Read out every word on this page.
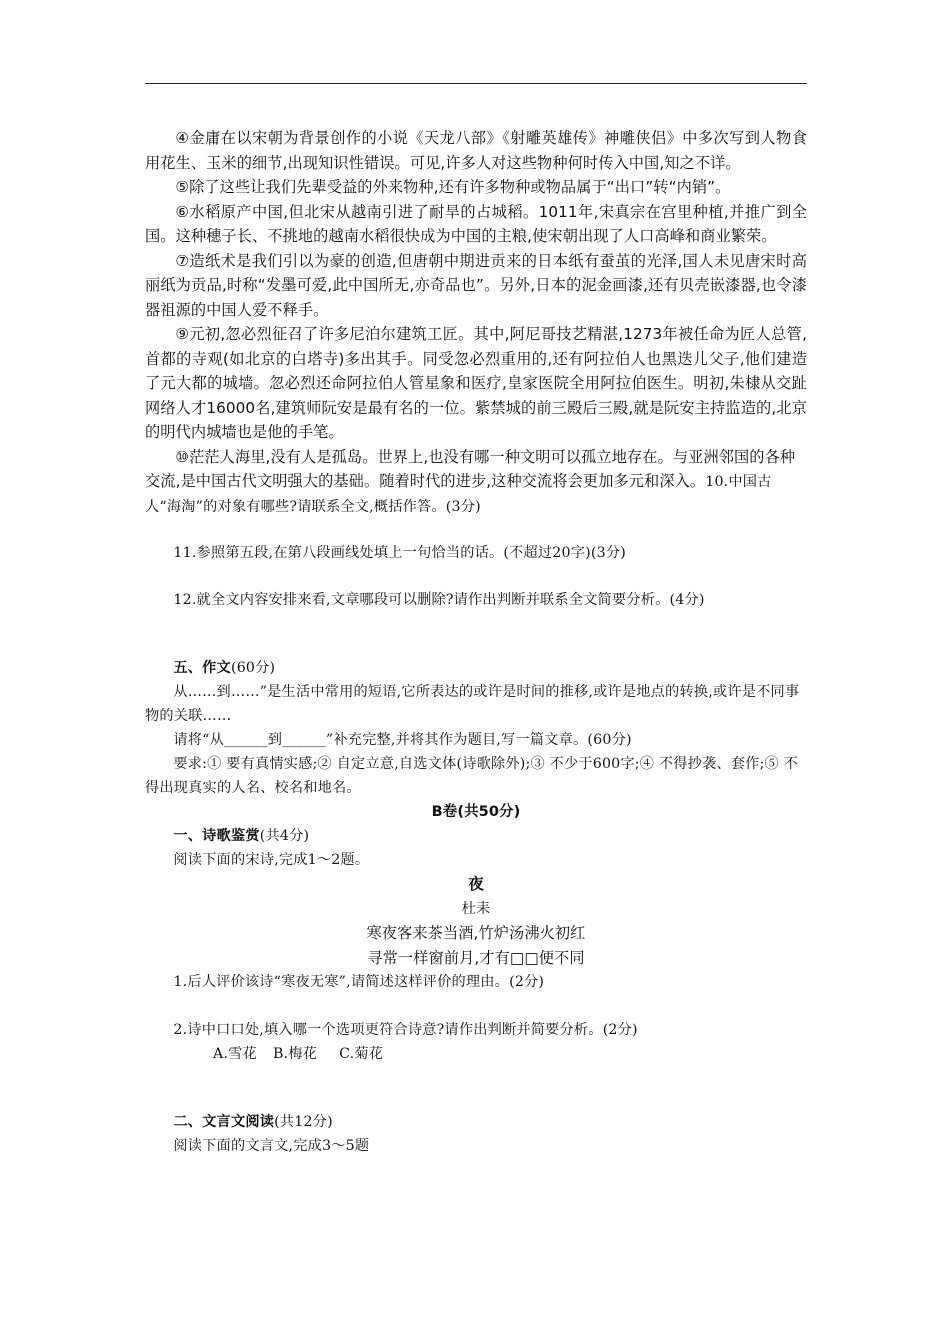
④金庸在以宋朝为背景创作的小说《天龙八部》《射雕英雄传》神雕侠侣》中多次写到人物食用花生、玉米的细节,出现知识性错误。可见,许多人对这些物种何时传入中国,知之不详。

⑤除了这些让我们先辈受益的外来物种,还有许多物种或物品属于“出口”转“内销”。

⑥水稻原产中国,但北宋从越南引进了耐旱的占城稻。1011年,宋真宗在宫里种植,并推广到全国。这种穗子长、不挑地的越南水稻很快成为中国的主粮,使宋朝出现了人口高峰和商业繁荣。

⑦造纸术是我们引以为豪的创造,但唐朝中期进贡来的日本纸有蚕茧的光泽,国人未见唐宋时高丽纸为贡品,时称“发墨可爱,此中国所无,亦奇品也”。另外,日本的泥金画漆,还有贝壳嵌漆器,也令漆器祖源的中国人爱不释手。

⑨元初,忽必烈征召了许多尼泊尔建筑工匠。其中,阿尼哥技艺精湛,1273年被任命为匠人总管,首都的寺观(如北京的白塔寺)多出其手。同受忽必烈重用的,还有阿拉伯人也黑迭儿父子,他们建造了元大都的城墙。忽必烈还命阿拉伯人管星象和医疗,皇家医院全用阿拉伯医生。明初,朱棣从交趾网络人才16000名,建筑师阮安是最有名的一位。紫禁城的前三殿后三殿,就是阮安主持监造的,北京的明代内城墙也是他的手笔。

⑩茫茫人海里,没有人是孤岛。世界上,也没有哪一种文明可以孤立地存在。与亚洲邻国的各种交流,是中国古代文明强大的基础。随着时代的进步,这种交流将会更加多元和深入。10.中国古人“海淘”的对象有哪些?请联系全文,概括作答。(3分)

11.参照第五段,在第八段画线处填上一句恰当的话。(不超过20字)(3分)

12.就全文内容安排来看,文章哪段可以删除?请作出判断并联系全文简要分析。(4分)

五、作文(60分)

从……到……”是生活中常用的短语,它所表达的或许是时间的推移,或许是地点的转换,或许是不同事物的关联……

请将“从______到______”补充完整,并将其作为题目,写一篇文章。(60分)

要求:① 要有真情实感;② 自定立意,自选文体(诗歌除外);③ 不少于600字;④ 不得抄袭、套作;⑤ 不得出现真实的人名、校名和地名。

B卷(共50分)

一、诗歌鉴赏(共4分)

阅读下面的宋诗,完成1～2题。

夜

杜耒

寒夜客来茶当酒,竹炉汤沸火初红

寻常一样窗前月,才有□□便不同

1.后人评价该诗“寒夜无寒”,请简述这样评价的理由。(2分)

2.诗中口口处,填入哪一个选项更符合诗意?请作出判断并简要分析。(2分)

A.雪花 B.梅花 C.菊花

二、文言文阅读(共12分)

阅读下面的文言文,完成3～5题
